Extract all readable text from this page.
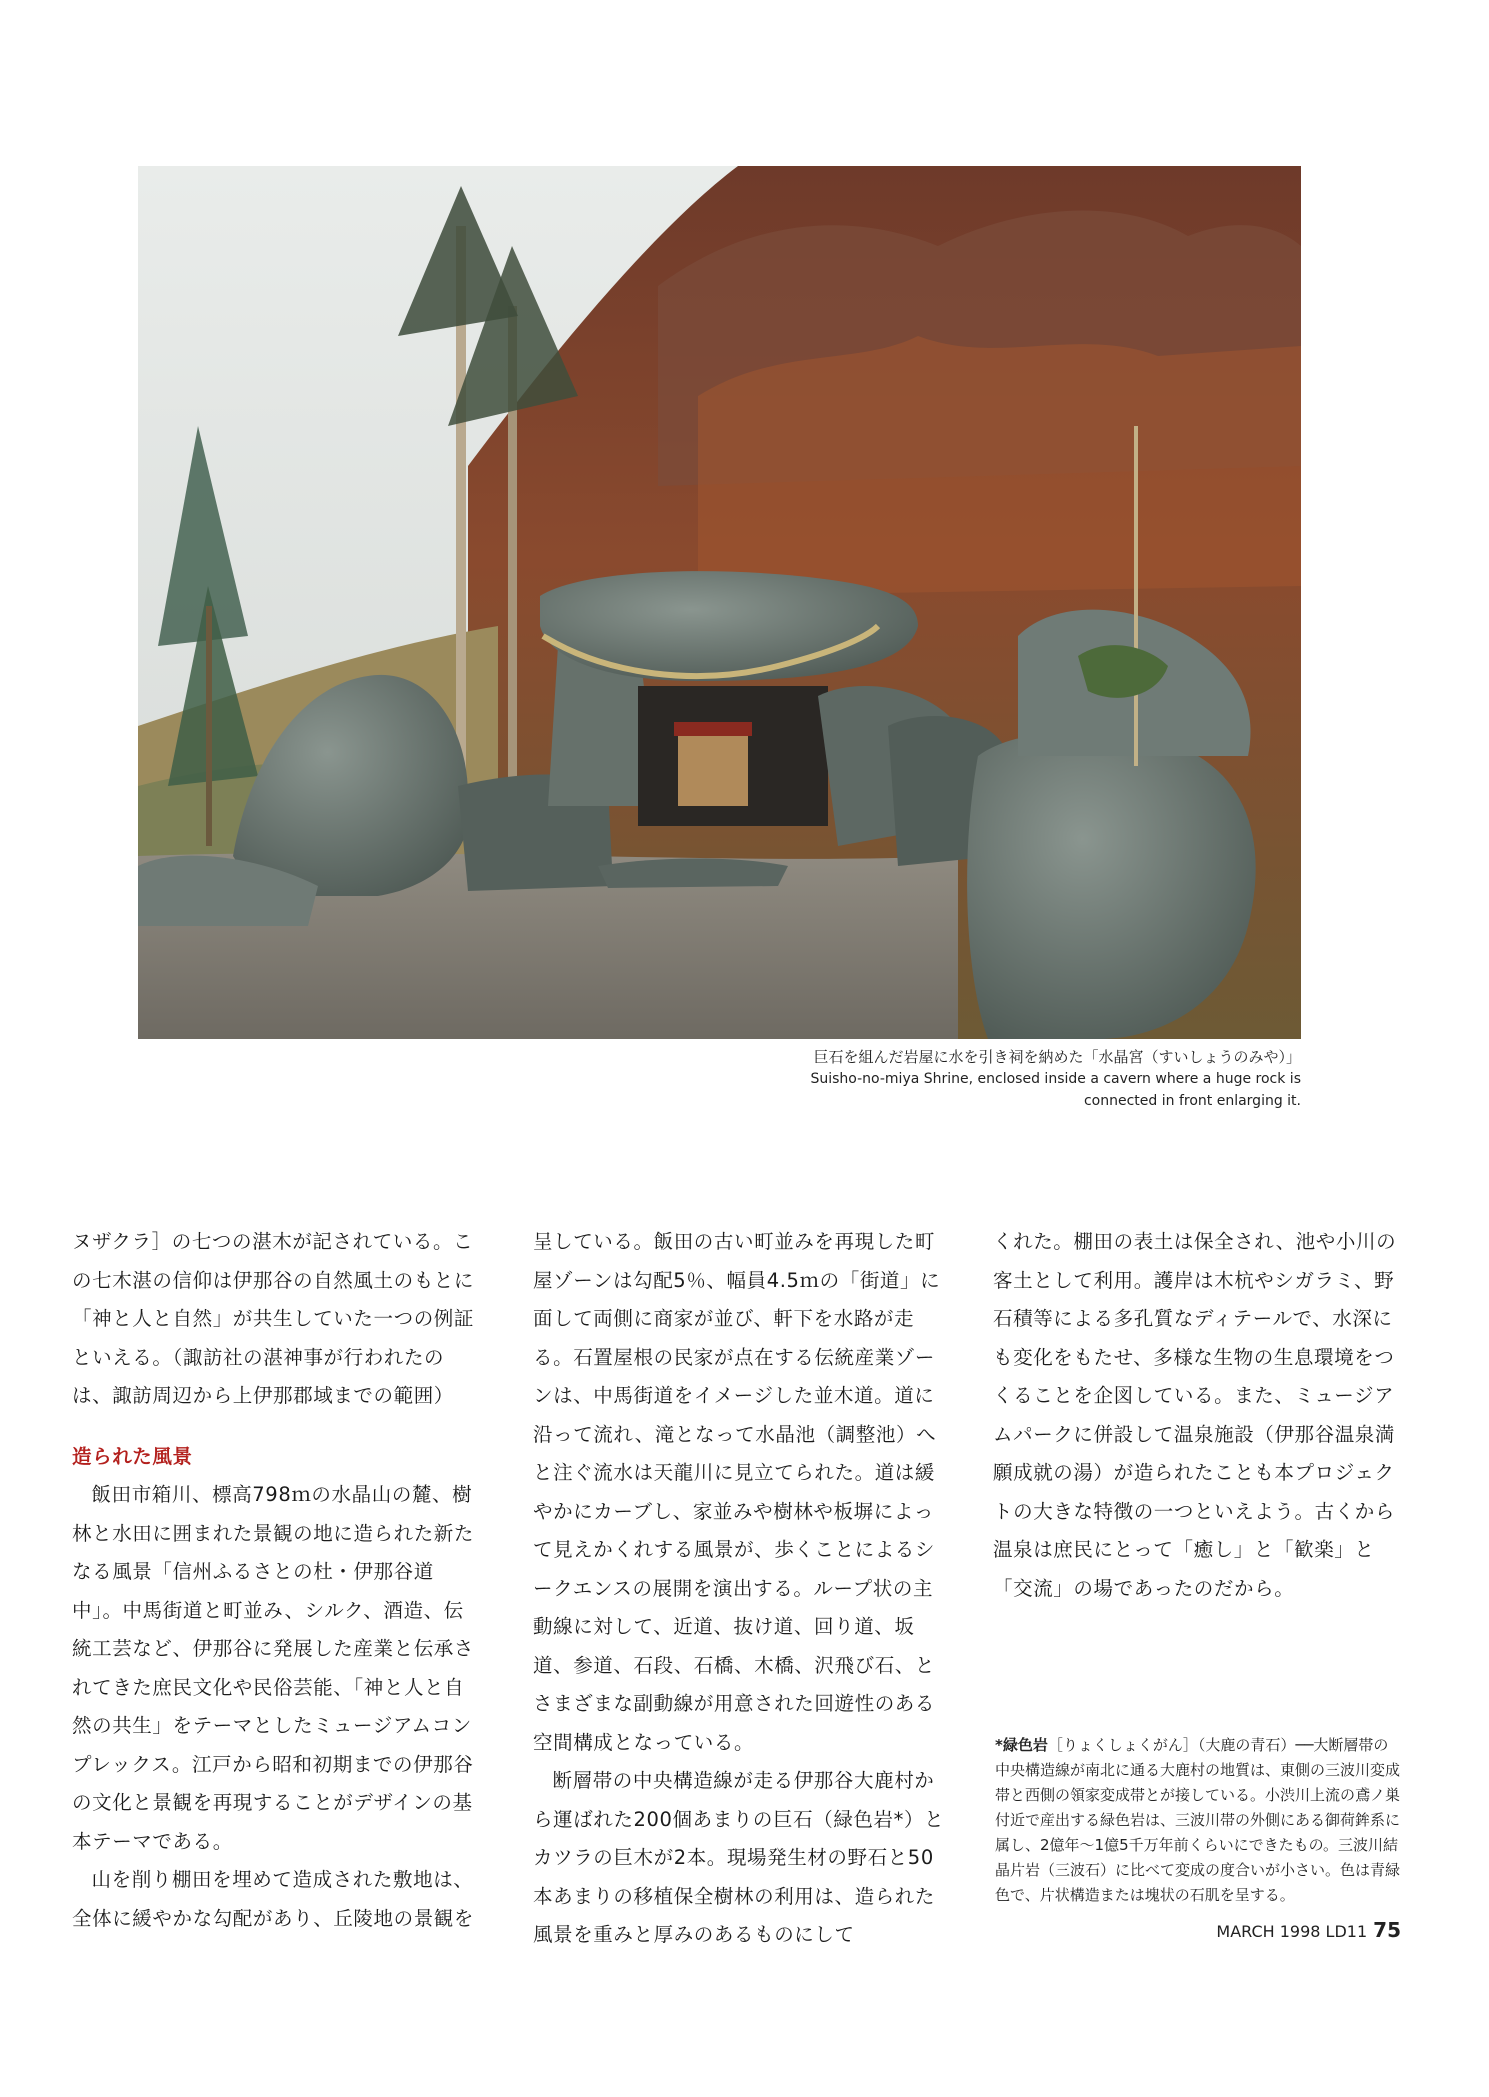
巨石を組んだ岩屋に水を引き祠を納めた「水晶宮（すいしょうのみや）」
Suisho-no-miya Shrine, enclosed inside a cavern where a huge rock is
connected in front enlarging it.

ヌザクラ］の七つの湛木が記されている。この七木湛の信仰は伊那谷の自然風土のもとに「神と人と自然」が共生していた一つの例証といえる。（諏訪社の湛神事が行われたのは、諏訪周辺から上伊那郡域までの範囲）

造られた風景

飯田市箱川、標高798ｍの水晶山の麓、樹林と水田に囲まれた景観の地に造られた新たなる風景「信州ふるさとの杜・伊那谷道中」。中馬街道と町並み、シルク、酒造、伝統工芸など、伊那谷に発展した産業と伝承されてきた庶民文化や民俗芸能、「神と人と自然の共生」をテーマとしたミュージアムコンプレックス。江戸から昭和初期までの伊那谷の文化と景観を再現することがデザインの基本テーマである。

山を削り棚田を埋めて造成された敷地は、全体に緩やかな勾配があり、丘陵地の景観を

呈している。飯田の古い町並みを再現した町屋ゾーンは勾配5％、幅員4.5ｍの「街道」に面して両側に商家が並び、軒下を水路が走る。石置屋根の民家が点在する伝統産業ゾーンは、中馬街道をイメージした並木道。道に沿って流れ、滝となって水晶池（調整池）へと注ぐ流水は天龍川に見立てられた。道は緩やかにカーブし、家並みや樹林や板塀によって見えかくれする風景が、歩くことによるシークエンスの展開を演出する。ループ状の主動線に対して、近道、抜け道、回り道、坂道、参道、石段、石橋、木橋、沢飛び石、とさまざまな副動線が用意された回遊性のある空間構成となっている。

断層帯の中央構造線が走る伊那谷大鹿村から運ばれた200個あまりの巨石（緑色岩*）とカツラの巨木が2本。現場発生材の野石と50本あまりの移植保全樹林の利用は、造られた風景を重みと厚みのあるものにして

くれた。棚田の表土は保全され、池や小川の客土として利用。護岸は木杭やシガラミ、野石積等による多孔質なディテールで、水深にも変化をもたせ、多様な生物の生息環境をつくることを企図している。また、ミュージアムパークに併設して温泉施設（伊那谷温泉満願成就の湯）が造られたことも本プロジェクトの大きな特徴の一つといえよう。古くから温泉は庶民にとって「癒し」と「歓楽」と「交流」の場であったのだから。

*緑色岩［りょくしょくがん］（大鹿の青石）──大断層帯の中央構造線が南北に通る大鹿村の地質は、東側の三波川変成帯と西側の領家変成帯とが接している。小渋川上流の鳶ノ巣付近で産出する緑色岩は、三波川帯の外側にある御荷鉾系に属し、2億年〜1億5千万年前くらいにできたもの。三波川結晶片岩（三波石）に比べて変成の度合いが小さい。色は青緑色で、片状構造または塊状の石肌を呈する。
MARCH 1998 LD11 75
